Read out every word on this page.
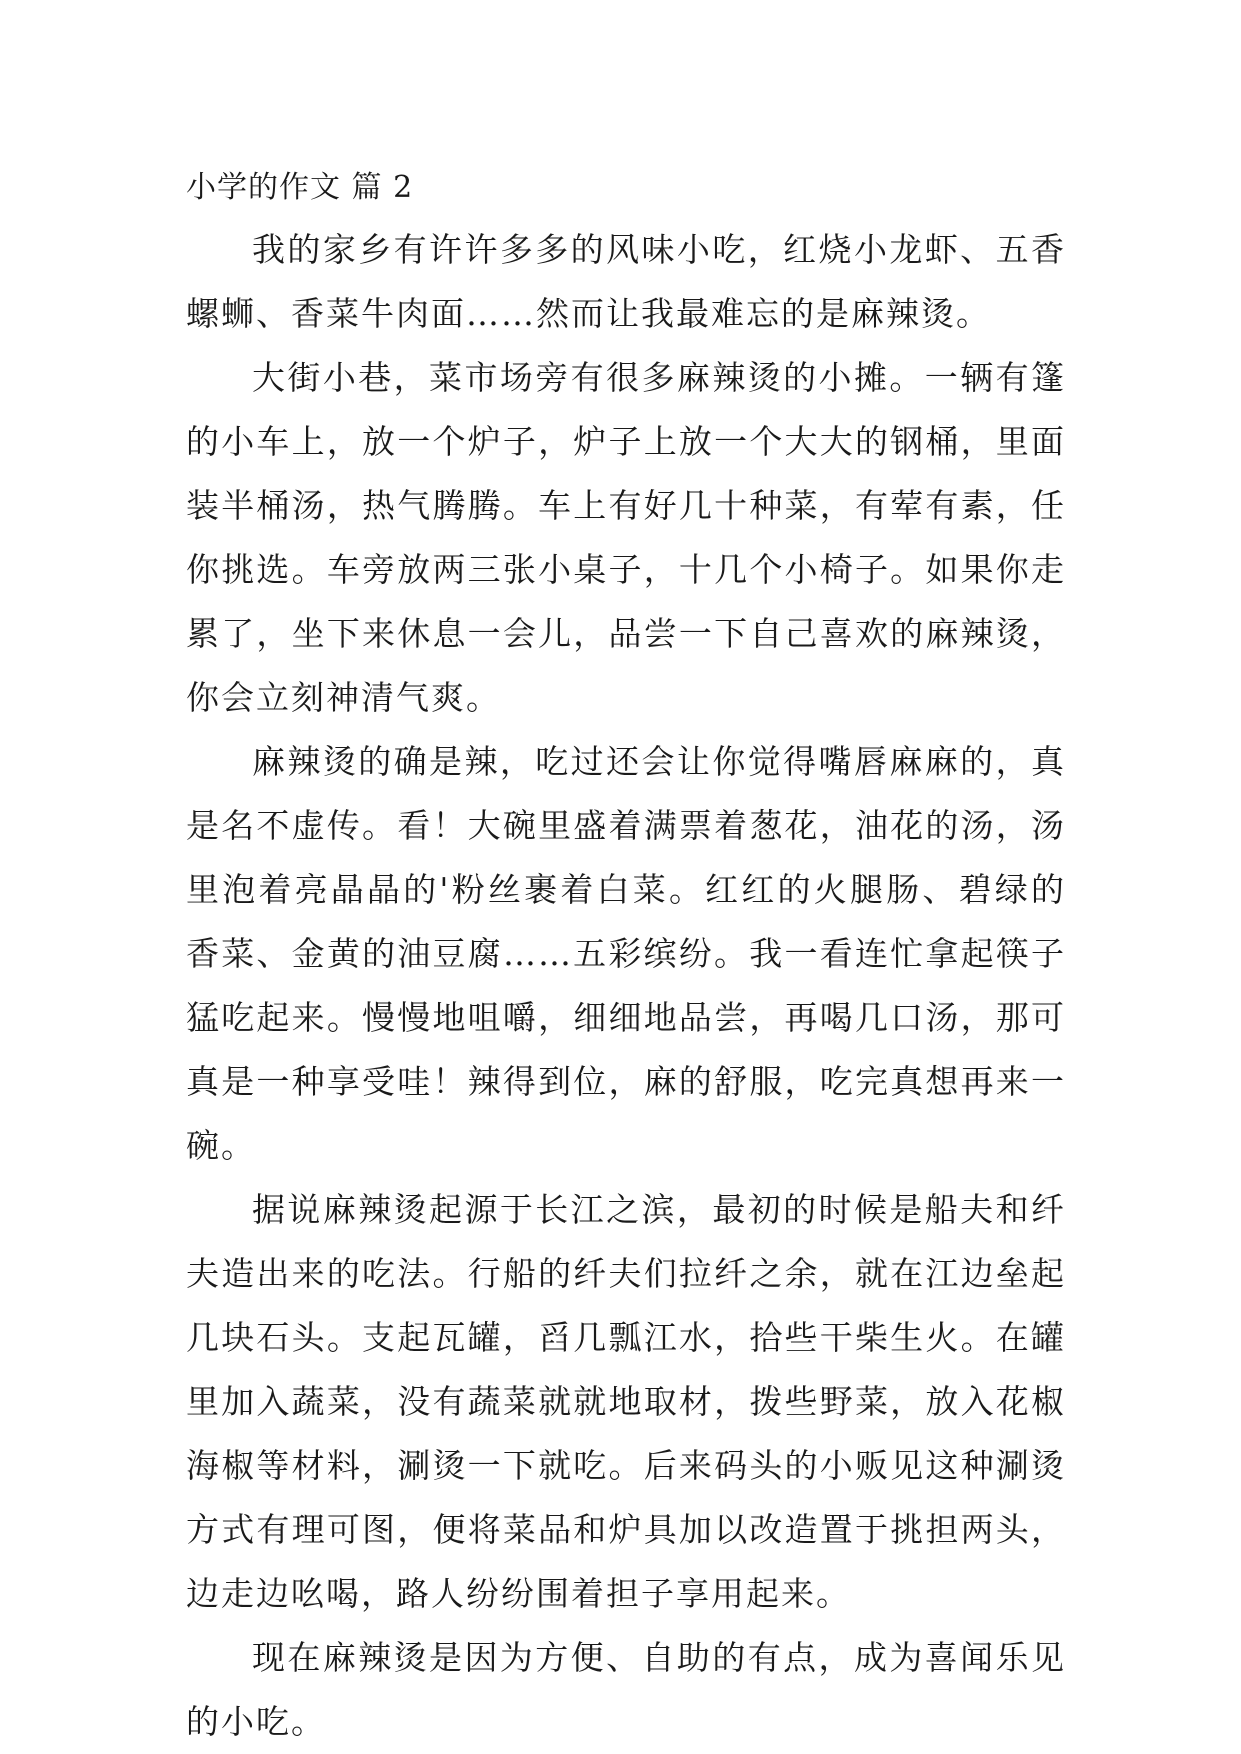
小学的作文 篇 2

我的家乡有许许多多的风味小吃，红烧小龙虾、五香螺蛳、香菜牛肉面……然而让我最难忘的是麻辣烫。

大街小巷，菜市场旁有很多麻辣烫的小摊。一辆有篷的小车上，放一个炉子，炉子上放一个大大的钢桶，里面装半桶汤，热气腾腾。车上有好几十种菜，有荤有素，任你挑选。车旁放两三张小桌子，十几个小椅子。如果你走累了，坐下来休息一会儿，品尝一下自己喜欢的麻辣烫，你会立刻神清气爽。

麻辣烫的确是辣，吃过还会让你觉得嘴唇麻麻的，真是名不虚传。看！大碗里盛着满票着葱花，油花的汤，汤里泡着亮晶晶的'粉丝裹着白菜。红红的火腿肠、碧绿的香菜、金黄的油豆腐……五彩缤纷。我一看连忙拿起筷子猛吃起来。慢慢地咀嚼，细细地品尝，再喝几口汤，那可真是一种享受哇！辣得到位，麻的舒服，吃完真想再来一碗。

据说麻辣烫起源于长江之滨，最初的时候是船夫和纤夫造出来的吃法。行船的纤夫们拉纤之余，就在江边垒起几块石头。支起瓦罐，舀几瓢江水，拾些干柴生火。在罐里加入蔬菜，没有蔬菜就就地取材，拨些野菜，放入花椒海椒等材料，涮烫一下就吃。后来码头的小贩见这种涮烫方式有理可图，便将菜品和炉具加以改造置于挑担两头，边走边吆喝，路人纷纷围着担子享用起来。

现在麻辣烫是因为方便、自助的有点，成为喜闻乐见的小吃。
